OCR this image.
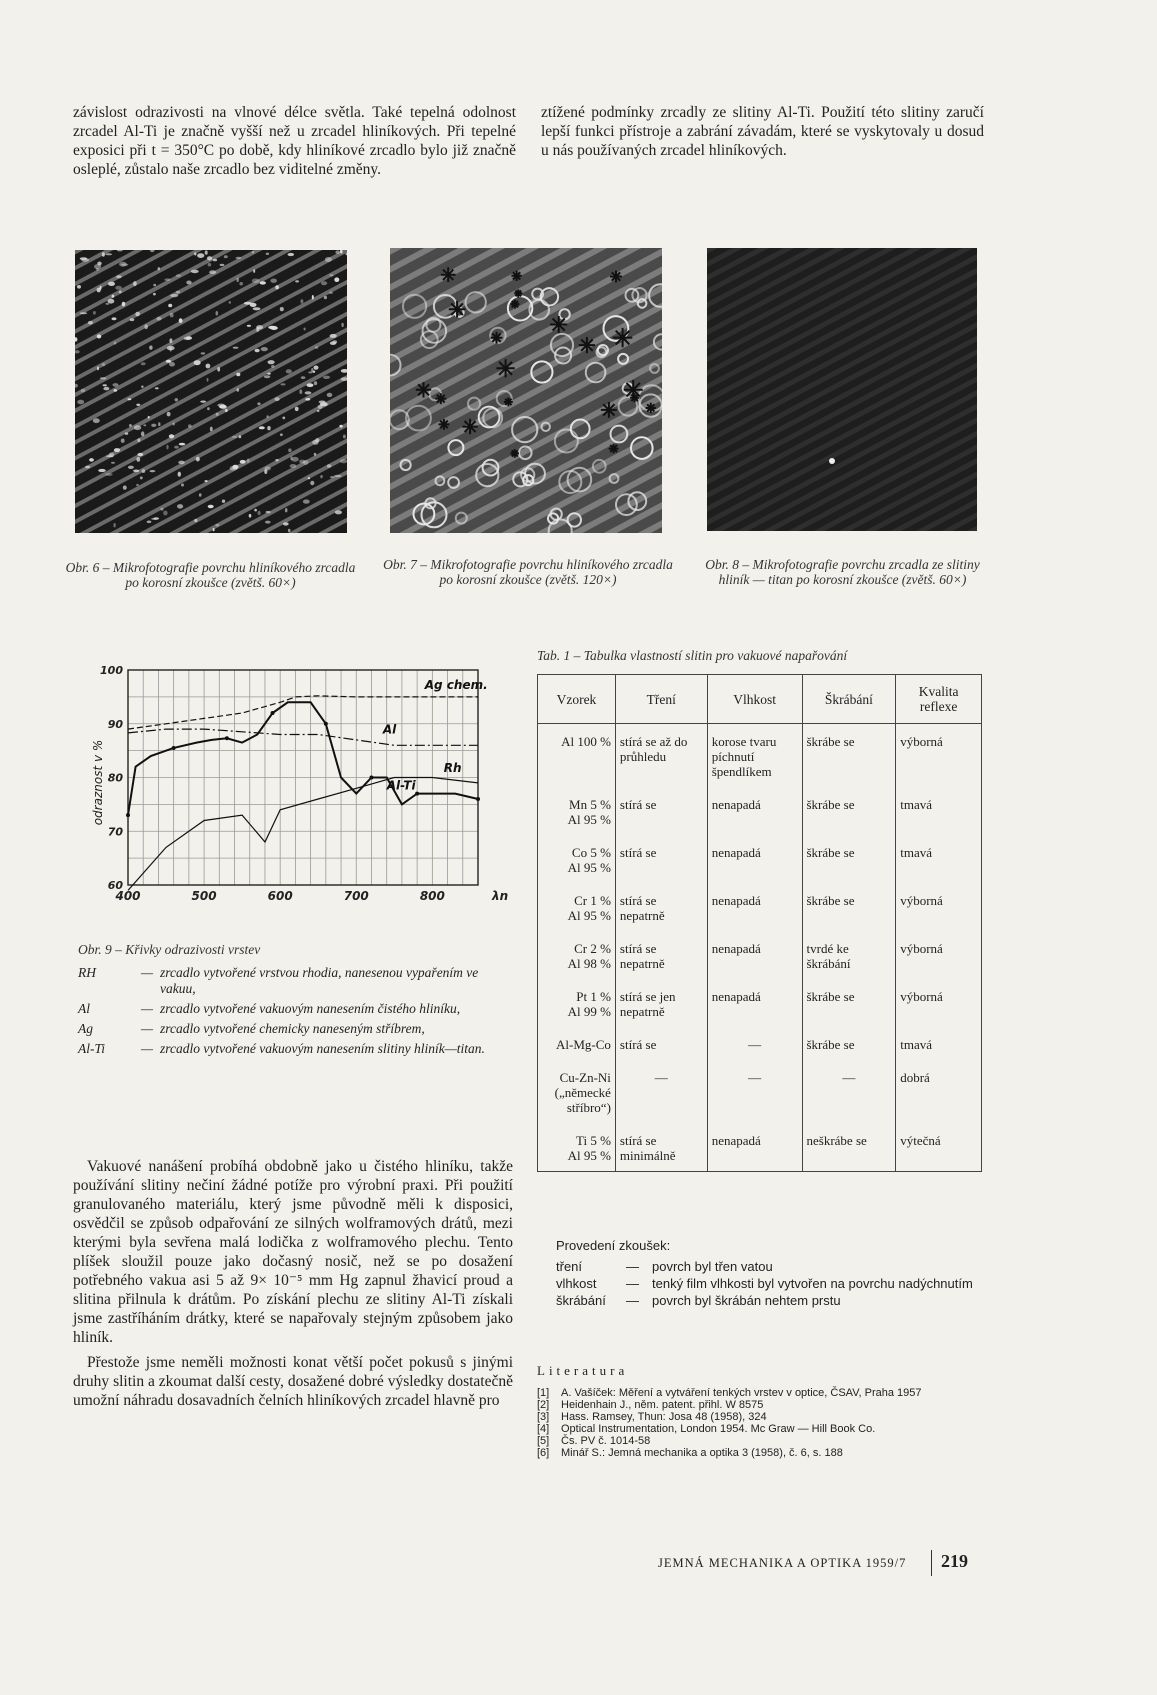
závislost odrazivosti na vlnové délce světla. Také tepelná odolnost zrcadel Al-Ti je značně vyšší než u zrcadel hliníkových. Při tepelné exposici při t = 350°C po době, kdy hliníkové zrcadlo bylo již značně osleplé, zůstalo naše zrcadlo bez viditelné změny.
ztížené podmínky zrcadly ze slitiny Al-Ti. Použití této slitiny zaručí lepší funkci přístroje a zabrání závadám, které se vyskytovaly u dosud u nás používaných zrcadel hliníkových.
Obr. 6 – Mikrofotografie povrchu hliníkového zrcadla po korosní zkoušce (zvětš. 60×)
Obr. 7 – Mikrofotografie povrchu hliníkového zrcadla po korosní zkoušce (zvětš. 120×)
Obr. 8 – Mikrofotografie povrchu zrcadla ze slitiny hliník — titan po korosní zkoušce (zvětš. 60×)
400	500	600	700	800
100
90
80
70
60
λn
odraznost v %
Ag chem.
Al
Rh
Al-Ti
Obr. 9 – Křivky odrazivosti vrstev
RH	— zrcadlo vytvořené vrstvou rhodia, nanesenou vypařením ve vakuu,
Al	— zrcadlo vytvořené vakuovým nanesením čistého hliníku,
Ag	— zrcadlo vytvořené chemicky naneseným stříbrem,
Al-Ti	— zrcadlo vytvořené vakuovým nanesením slitiny hliník—titan.
Vakuové nanášení probíhá obdobně jako u čistého hliníku, takže používání slitiny nečiní žádné potíže pro výrobní praxi. Při použití granulovaného materiálu, který jsme původně měli k disposici, osvědčil se způsob odpařování ze silných wolframových drátů, mezi kterými byla sevřena malá lodička z wolframového plechu. Tento plíšek sloužil pouze jako dočasný nosič, než se po dosažení potřebného vakua asi 5 až 9× 10⁻⁵ mm Hg zapnul žhavicí proud a slitina přilnula k drátům. Po získání plechu ze slitiny Al-Ti získali jsme zastříháním drátky, které se napařovaly stejným způsobem jako hliník.
Přestože jsme neměli možnosti konat větší počet pokusů s jinými druhy slitin a zkoumat další cesty, dosažené dobré výsledky dostatečně umožní náhradu dosavadních čelních hliníkových zrcadel hlavně pro
Tab. 1 – Tabulka vlastností slitin pro vakuové napařování
Vzorek	Tření	Vlhkost	Škrábání	Kvalita reflexe
Al 100 %	stírá se až do průhledu	korose tvaru píchnutí špendlíkem	škrábe se	výborná
Mn 5 %
Al 95 %	stírá se	nenapadá	škrábe se	tmavá
Co 5 %
Al 95 %	stírá se	nenapadá	škrábe se	tmavá
Cr 1 %
Al 95 %	stírá se nepatrně	nenapadá	škrábe se	výborná
Cr 2 %
Al 98 %	stírá se nepatrně	nenapadá	tvrdé ke škrábání	výborná
Pt 1 %
Al 99 %	stírá se jen nepatrně	nenapadá	škrábe se	výborná
Al-Mg-Co	stírá se	—	škrábe se	tmavá
Cu-Zn-Ni
(„německé stříbro“)	—	—	—	dobrá
Ti 5 %
Al 95 %	stírá se minimálně	nenapadá	neškrábe se	výtečná
Provedení zkoušek:
tření	—	povrch byl třen vatou
vlhkost	—	tenký film vlhkosti byl vytvořen na povrchu nadýchnutím
škrábání	—	povrch byl škrábán nehtem prstu
Literatura
[1]	A. Vašíček: Měření a vytváření tenkých vrstev v optice, ČSAV, Praha 1957
[2]	Heidenhain J., něm. patent. přihl. W 8575
[3]	Hass. Ramsey, Thun: Josa 48 (1958), 324
[4]	Optical Instrumentation, London 1954. Mc Graw — Hill Book Co.
[5]	Čs. PV č. 1014-58
[6]	Minář S.: Jemná mechanika a optika 3 (1958), č. 6, s. 188
JEMNÁ MECHANIKA A OPTIKA 1959/7 219
